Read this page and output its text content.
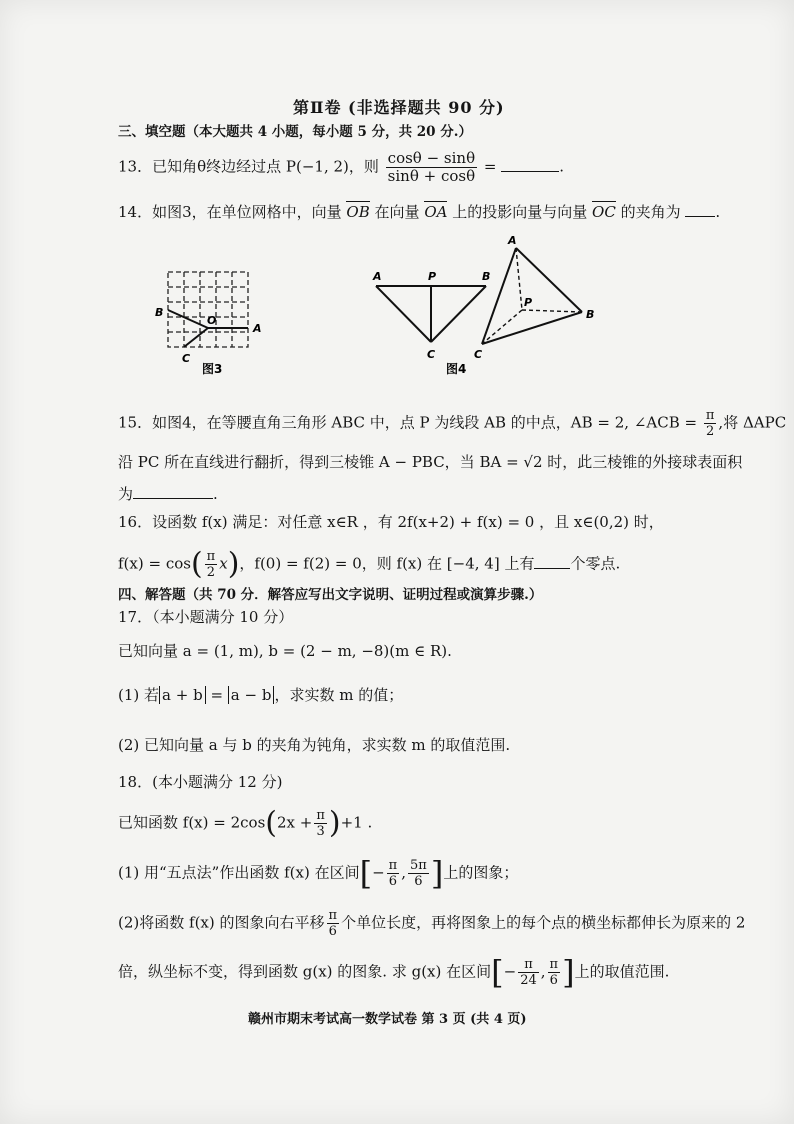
第Ⅱ卷 (非选择题共 90 分)
三、填空题（本大题共 4 小题，每小题 5 分，共 20 分.）
13．已知角θ终边经过点 P(−1, 2)，则 $\frac{\cos\theta - \sin\theta}{\sin\theta + \cos\theta}$ =	.
14．如图3，在单位网格中，向量 OB 在向量 OA 上的投影向量与向量 OC 的夹角为 .
B
O
A
C
图3
A	P	B
C
图4
A
P
B
C
15．如图4，在等腰直角三角形 ABC 中，点 P 为线段 AB 的中点，AB = 2, ∠ACB = $\frac{\pi}{2}$ ,将 ΔAPC
沿 PC 所在直线进行翻折，得到三棱锥 A − PBC，当 BA = √2 时，此三棱锥的外接球表面积
为	.
16．设函数 f(x) 满足：对任意 x∈R ，有 2f(x+2) + f(x) = 0 ，且 x∈(0,2) 时，
$f(x) = \cos( \frac{\pi}{2} x)$，f(0) = f(2) = 0，则 f(x) 在 [−4, 4] 上有 个零点.
四、解答题（共 70 分．解答应写出文字说明、证明过程或演算步骤.）
17．（本小题满分 10 分）
已知向量 a = (1, m), b = (2 − m, −8)(m ∈ R).
(1) 若 a + b = a − b ，求实数 m 的值；
(2) 已知向量 a 与 b 的夹角为钝角，求实数 m 的取值范围.
18．(本小题满分 12 分)
已知函数 $f(x) = 2\cos(2x + \frac{\pi}{3} )+1$ .
(1) 用“五点法”作出函数 f(x) 在区间[− $\frac{\pi}{6}$ , $\frac{5\pi}{6}$ ]上的图象；
(2)将函数 f(x) 的图象向右平移 $\frac{\pi}{6}$ 个单位长度，再将图象上的每个点的横坐标都伸长为原来的 2
倍，纵坐标不变，得到函数 g(x) 的图象. 求 g(x) 在区间[− $\frac{\pi}{24}$ , $\frac{\pi}{6}$ ]上的取值范围.
赣州市期末考试高一数学试卷 第 3 页 (共 4 页)
